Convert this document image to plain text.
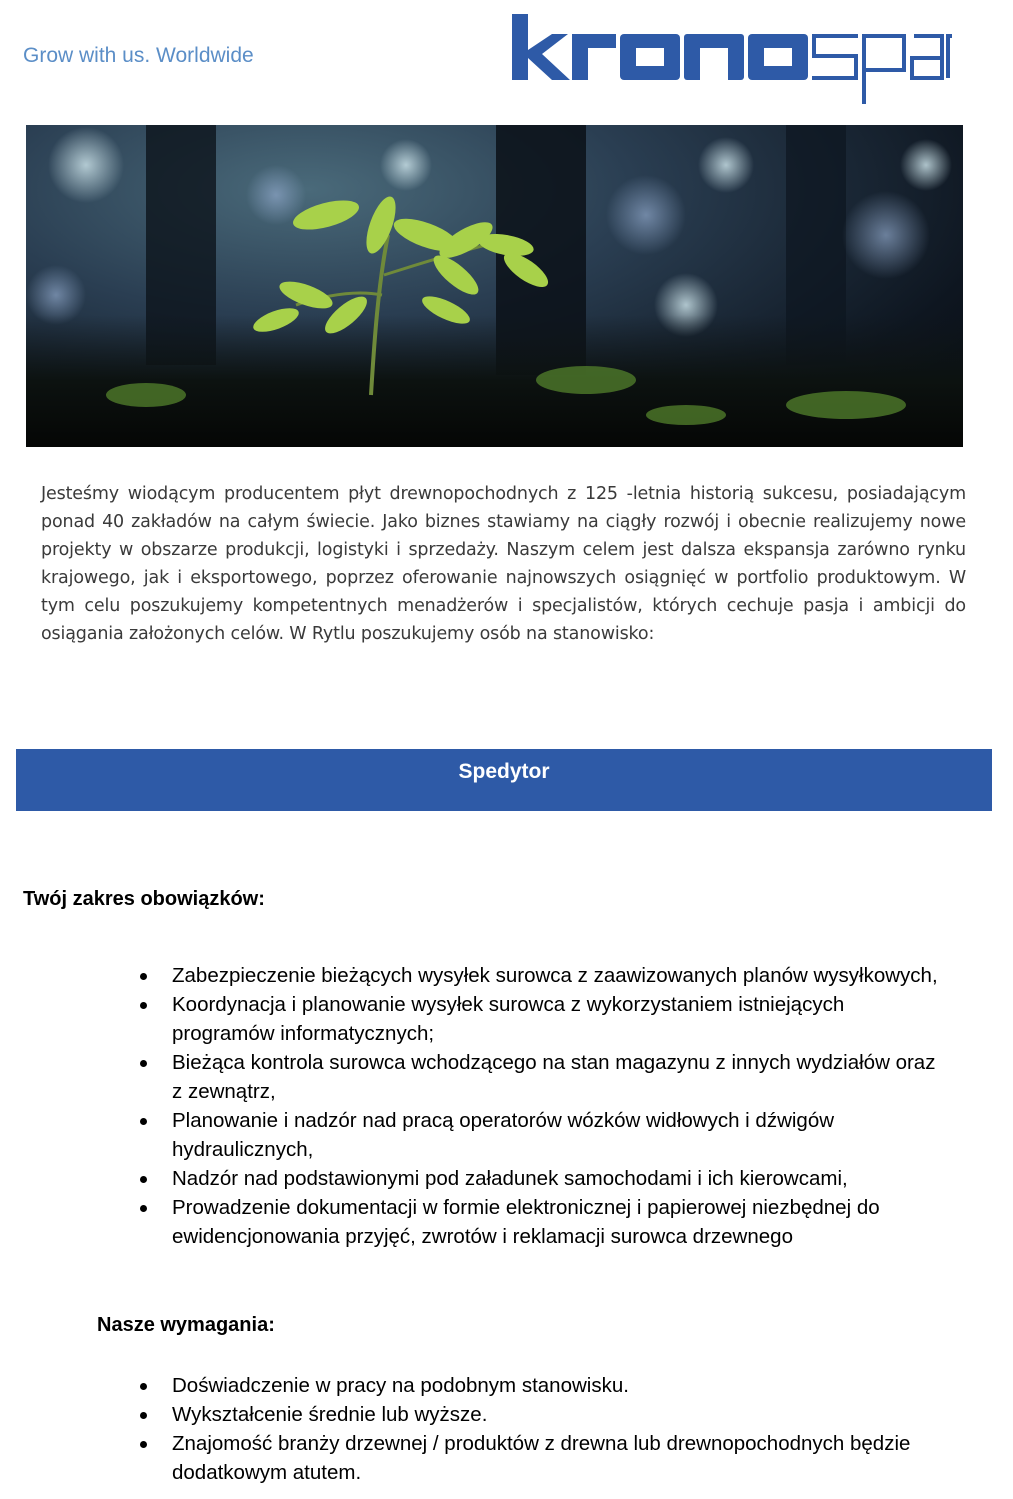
Grow with us. Worldwide
Jesteśmy wiodącym producentem płyt drewnopochodnych z 125 -letnia historią sukcesu, posiadającym ponad 40 zakładów na całym świecie. Jako biznes stawiamy na ciągły rozwój i obecnie realizujemy nowe projekty w obszarze produkcji, logistyki i sprzedaży. Naszym celem jest dalsza ekspansja zarówno rynku krajowego, jak i eksportowego, poprzez oferowanie najnowszych osiągnięć w portfolio produktowym. W tym celu poszukujemy kompetentnych menadżerów i specjalistów, których cechuje pasja i ambicji do osiągania założonych celów. W Rytlu poszukujemy osób na stanowisko:
Spedytor
Twój zakres obowiązków:
Zabezpieczenie bieżących wysyłek surowca z zaawizowanych planów wysyłkowych,
Koordynacja i planowanie wysyłek surowca z wykorzystaniem istniejących programów informatycznych;
Bieżąca kontrola surowca wchodzącego na stan magazynu z innych wydziałów oraz z zewnątrz,
Planowanie i nadzór nad pracą operatorów wózków widłowych i dźwigów hydraulicznych,
Nadzór nad podstawionymi pod załadunek samochodami i ich kierowcami,
Prowadzenie dokumentacji w formie elektronicznej i papierowej niezbędnej do ewidencjonowania przyjęć, zwrotów i reklamacji surowca drzewnego
Nasze wymagania:
Doświadczenie w pracy na podobnym stanowisku.
Wykształcenie średnie lub wyższe.
Znajomość branży drzewnej / produktów z drewna lub drewnopochodnych będzie dodatkowym atutem.
